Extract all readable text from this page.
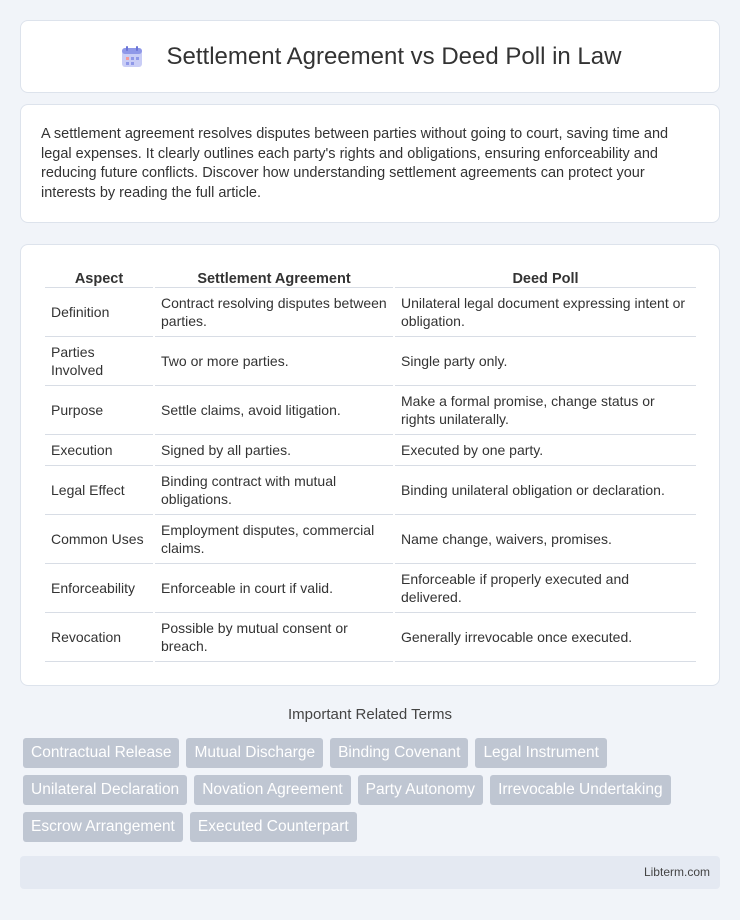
Settlement Agreement vs Deed Poll in Law

A settlement agreement resolves disputes between parties without going to court, saving time and legal expenses. It clearly outlines each party's rights and obligations, ensuring enforceability and reducing future conflicts. Discover how understanding settlement agreements can protect your interests by reading the full article.

Aspect	Settlement Agreement	Deed Poll
Definition	Contract resolving disputes between parties.	Unilateral legal document expressing intent or obligation.
Parties Involved	Two or more parties.	Single party only.
Purpose	Settle claims, avoid litigation.	Make a formal promise, change status or rights unilaterally.
Execution	Signed by all parties.	Executed by one party.
Legal Effect	Binding contract with mutual obligations.	Binding unilateral obligation or declaration.
Common Uses	Employment disputes, commercial claims.	Name change, waivers, promises.
Enforceability	Enforceable in court if valid.	Enforceable if properly executed and delivered.
Revocation	Possible by mutual consent or breach.	Generally irrevocable once executed.
Important Related Terms
Contractual Release	Mutual Discharge	Binding Covenant	Legal Instrument
Unilateral Declaration	Novation Agreement	Party Autonomy	Irrevocable Undertaking
Escrow Arrangement	Executed Counterpart
Libterm.com
